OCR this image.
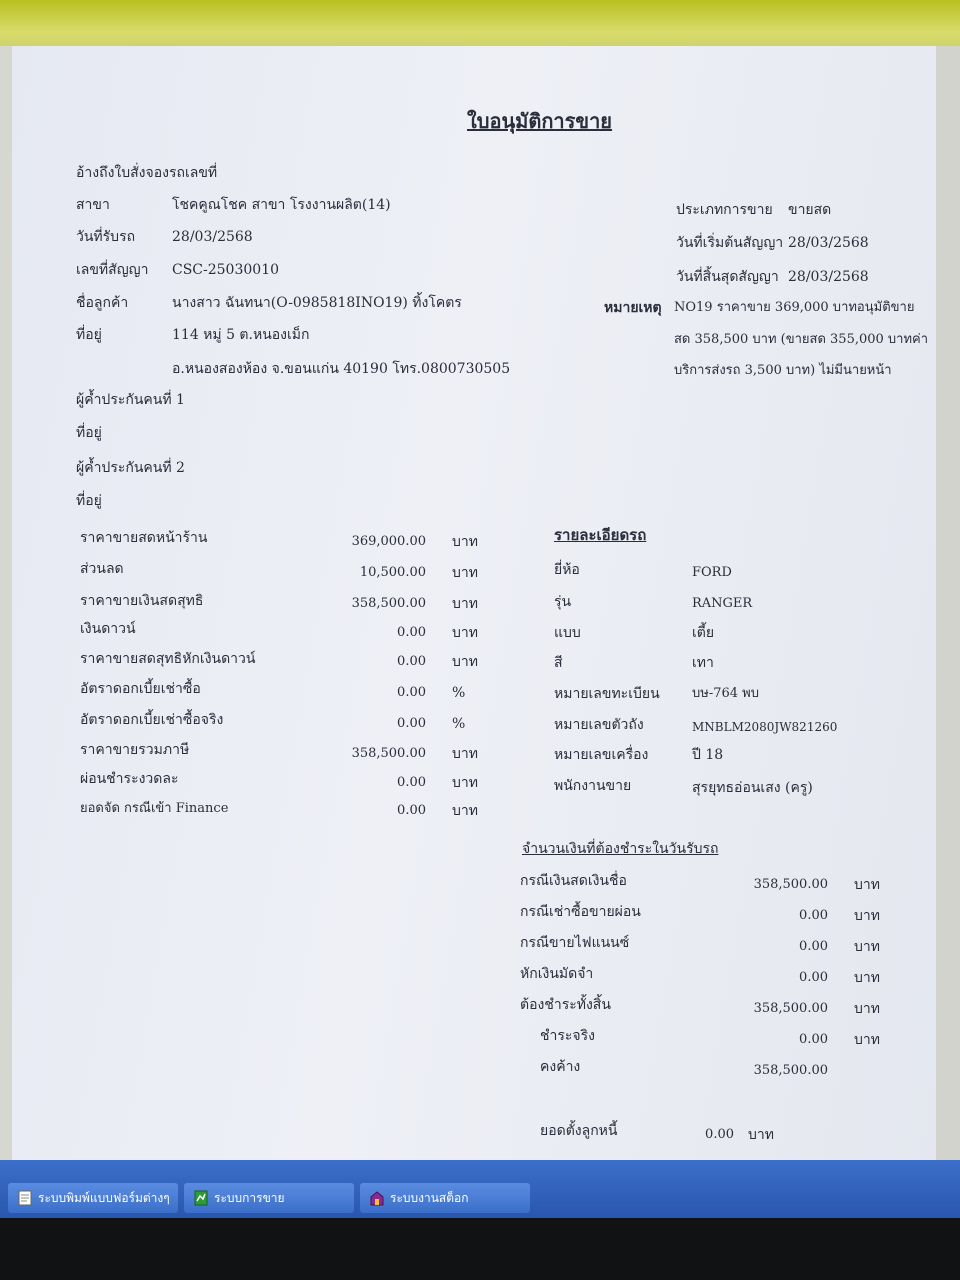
ใบอนุมัติการขาย
อ้างถึงใบสั่งจองรถเลขที่
สาขา	โชคคูณโชค สาขา โรงงานผลิต(14)
วันที่รับรถ	28/03/2568
เลขที่สัญญา CSC-25030010
ชื่อลูกค้า	นางสาว ฉันทนา(O-0985818INO19) ทิ้งโคตร
ที่อยู่	114 หมู่ 5 ต.หนองเม็ก
อ.หนองสองห้อง จ.ขอนแก่น 40190 โทร.0800730505
ผู้ค้ำประกันคนที่ 1
ที่อยู่
ผู้ค้ำประกันคนที่ 2
ที่อยู่
ประเภทการขาย ขายสด
วันที่เริ่มต้นสัญญา 28/03/2568
วันที่สิ้นสุดสัญญา 28/03/2568
หมายเหตุ NO19 ราคาขาย 369,000 บาทอนุมัติขาย
สด 358,500 บาท (ขายสด 355,000 บาทค่า
บริการส่งรถ 3,500 บาท) ไม่มีนายหน้า
ราคาขายสดหน้าร้าน	369,000.00 บาท
ส่วนลด	10,500.00 บาท
ราคาขายเงินสดสุทธิ	358,500.00 บาท
เงินดาวน์	0.00 บาท
ราคาขายสดสุทธิหักเงินดาวน์	0.00 บาท
อัตราดอกเบี้ยเช่าซื้อ	0.00 %
อัตราดอกเบี้ยเช่าซื้อจริง	0.00 %
ราคาขายรวมภาษี	358,500.00 บาท
ผ่อนชำระงวดละ	0.00 บาท
ยอดจัด กรณีเข้า Finance	0.00 บาท
รายละเอียดรถ
ยี่ห้อ	FORD
รุ่น	RANGER
แบบ	เตี้ย
สี	เทา
หมายเลขทะเบียน บษ-764 พบ
หมายเลขตัวถัง	MNBLM2080JW821260
หมายเลขเครื่อง	ปี 18
พนักงานขาย	สุรยุทธอ่อนเสง (ครู)
จำนวนเงินที่ต้องชำระในวันรับรถ
กรณีเงินสดเงินชื่อ	358,500.00 บาท
กรณีเช่าซื้อขายผ่อน	0.00 บาท
กรณีขายไฟแนนซ์	0.00 บาท
หักเงินมัดจำ	0.00 บาท
ต้องชำระทั้งสิ้น	358,500.00 บาท
ชำระจริง	0.00 บาท
คงค้าง	358,500.00
ยอดตั้งลูกหนี้	0.00 บาท
ระบบพิมพ์แบบฟอร์มต่างๆ	ระบบการขาย	ระบบงานสต็อก
